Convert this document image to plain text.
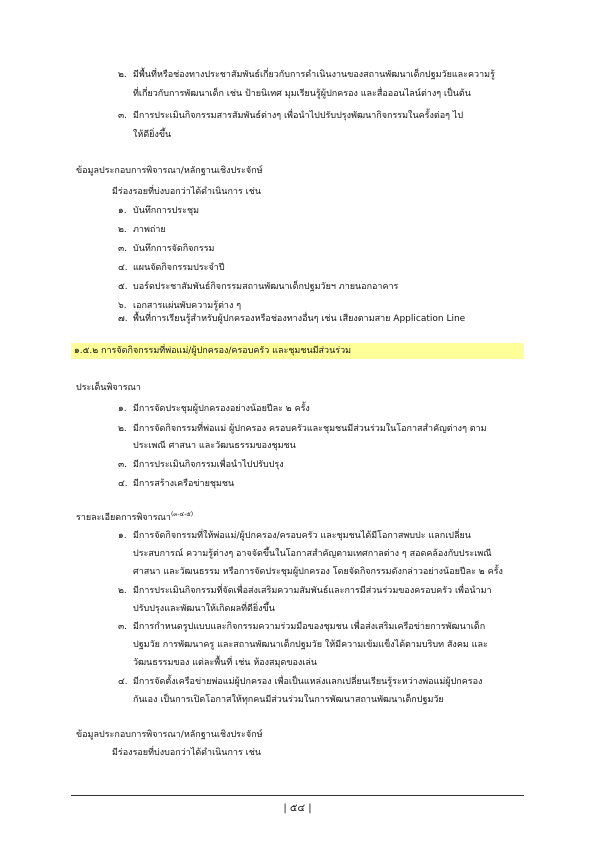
๒. มีพื้นที่หรือช่องทางประชาสัมพันธ์เกี่ยวกับการดำเนินงานของสถานพัฒนาเด็กปฐมวัยและความรู้
ที่เกี่ยวกับการพัฒนาเด็ก เช่น ป้ายนิเทศ มุมเรียนรู้ผู้ปกครอง และสื่อออนไลน์ต่างๆ เป็นต้น
๓. มีการประเมินกิจกรรมสารสัมพันธ์ต่างๆ เพื่อนำไปปรับปรุงพัฒนากิจกรรมในครั้งต่อๆ ไป
ให้ดียิ่งขึ้น
ข้อมูลประกอบการพิจารณา/หลักฐานเชิงประจักษ์
มีร่องรอยที่บ่งบอกว่าได้ดำเนินการ เช่น
๑. บันทึกการประชุม
๒. ภาพถ่าย
๓. บันทึกการจัดกิจกรรม
๔. แผนจัดกิจกรรมประจำปี
๕. บอร์ดประชาสัมพันธ์กิจกรรมสถานพัฒนาเด็กปฐมวัยฯ ภายนอกอาคาร
๖. เอกสารแผ่นพับความรู้ต่าง ๆ
๗. พื้นที่การเรียนรู้สำหรับผู้ปกครองหรือช่องทางอื่นๆ เช่น เสียงตามสาย Application Line
๑.๕.๒ การจัดกิจกรรมที่พ่อแม่/ผู้ปกครอง/ครอบครัว และชุมชนมีส่วนร่วม
ประเด็นพิจารณา
๑. มีการจัดประชุมผู้ปกครองอย่างน้อยปีละ ๒ ครั้ง
๒. มีการจัดกิจกรรมที่พ่อแม่ ผู้ปกครอง ครอบครัวและชุมชนมีส่วนร่วมในโอกาสสำคัญต่างๆ ตาม
ประเพณี ศาสนา และวัฒนธรรมของชุมชน
๓. มีการประเมินกิจกรรมเพื่อนำไปปรับปรุง
๔. มีการสร้างเครือข่ายชุมชน
รายละเอียดการพิจารณา$^{(๓-๔-๕)}$
๑. มีการจัดกิจกรรมที่ให้พ่อแม่/ผู้ปกครอง/ครอบครัว และชุมชนได้มีโอกาสพบปะ แลกเปลี่ยน
ประสบการณ์ ความรู้ต่างๆ อาจจัดขึ้นในโอกาสสำคัญตามเทศกาลต่าง ๆ สอดคล้องกับประเพณี
ศาสนา และวัฒนธรรม หรือการจัดประชุมผู้ปกครอง โดยจัดกิจกรรมดังกล่าวอย่างน้อยปีละ ๒ ครั้ง
๒. มีการประเมินกิจกรรมที่จัดเพื่อส่งเสริมความสัมพันธ์และการมีส่วนร่วมของครอบครัว เพื่อนำมา
ปรับปรุงและพัฒนาให้เกิดผลที่ดียิ่งขึ้น
๓. มีการกำหนดรูปแบบและกิจกรรมความร่วมมือของชุมชน เพื่อส่งเสริมเครือข่ายการพัฒนาเด็ก
ปฐมวัย การพัฒนาครู และสถานพัฒนาเด็กปฐมวัย ให้มีความเข้มแข็งได้ตามบริบท สังคม และ
วัฒนธรรมของ แต่ละพื้นที่ เช่น ห้องสมุดของเล่น
๔. มีการจัดตั้งเครือข่ายพ่อแม่ผู้ปกครอง เพื่อเป็นแหล่งแลกเปลี่ยนเรียนรู้ระหว่างพ่อแม่ผู้ปกครอง
กันเอง เป็นการเปิดโอกาสให้ทุกคนมีส่วนร่วมในการพัฒนาสถานพัฒนาเด็กปฐมวัย
ข้อมูลประกอบการพิจารณา/หลักฐานเชิงประจักษ์
มีร่องรอยที่บ่งบอกว่าได้ดำเนินการ เช่น
| ๕๔ |
